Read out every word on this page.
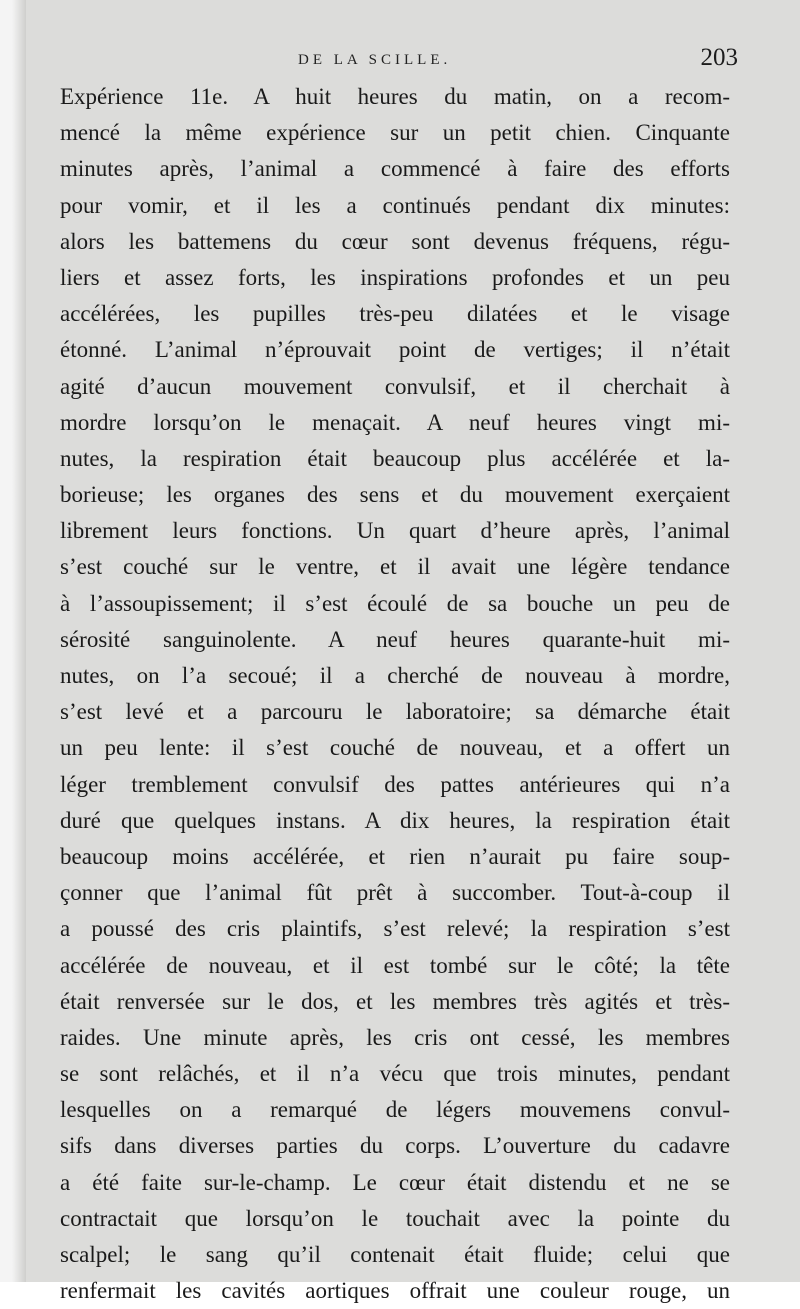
DE LA SCILLE.	203
Expérience 11e. A huit heures du matin, on a recom-
mencé la même expérience sur un petit chien. Cinquante
minutes après, l’animal a commencé à faire des efforts
pour vomir, et il les a continués pendant dix minutes:
alors les battemens du cœur sont devenus fréquens, régu-
liers et assez forts, les inspirations profondes et un peu
accélérées, les pupilles très-peu dilatées et le visage
étonné. L’animal n’éprouvait point de vertiges; il n’était
agité d’aucun mouvement convulsif, et il cherchait à
mordre lorsqu’on le menaçait. A neuf heures vingt mi-
nutes, la respiration était beaucoup plus accélérée et la-
borieuse; les organes des sens et du mouvement exerçaient
librement leurs fonctions. Un quart d’heure après, l’animal
s’est couché sur le ventre, et il avait une légère tendance
à l’assoupissement; il s’est écoulé de sa bouche un peu de
sérosité sanguinolente. A neuf heures quarante-huit mi-
nutes, on l’a secoué; il a cherché de nouveau à mordre,
s’est levé et a parcouru le laboratoire; sa démarche était
un peu lente: il s’est couché de nouveau, et a offert un
léger tremblement convulsif des pattes antérieures qui n’a
duré que quelques instans. A dix heures, la respiration était
beaucoup moins accélérée, et rien n’aurait pu faire soup-
çonner que l’animal fût prêt à succomber. Tout-à-coup il
a poussé des cris plaintifs, s’est relevé; la respiration s’est
accélérée de nouveau, et il est tombé sur le côté; la tête
était renversée sur le dos, et les membres très agités et très-
raides. Une minute après, les cris ont cessé, les membres
se sont relâchés, et il n’a vécu que trois minutes, pendant
lesquelles on a remarqué de légers mouvemens convul-
sifs dans diverses parties du corps. L’ouverture du cadavre
a été faite sur-le-champ. Le cœur était distendu et ne se
contractait que lorsqu’on le touchait avec la pointe du
scalpel; le sang qu’il contenait était fluide; celui que
renfermait les cavités aortiques offrait une couleur rouge, un
